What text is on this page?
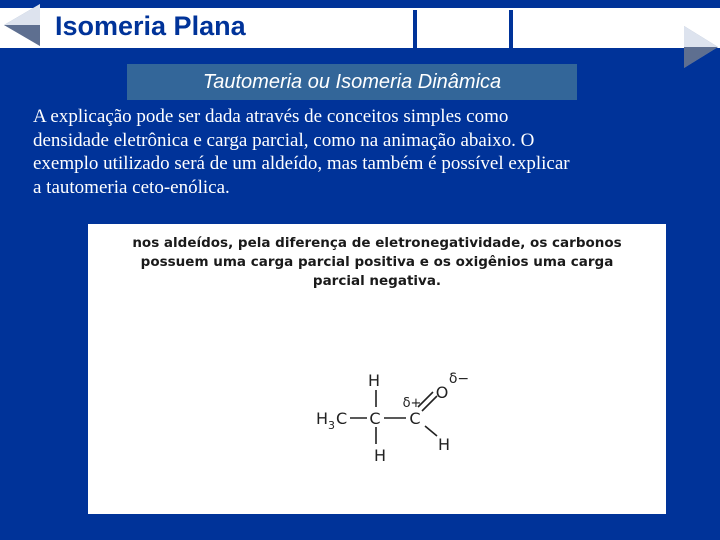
Isomeria Plana
Tautomeria ou Isomeria Dinâmica
A explicação pode ser dada através de conceitos simples como
densidade eletrônica e carga parcial, como na animação abaixo. O
exemplo utilizado será de um aldeído, mas também é possível explicar
a tautomeria ceto-enólica.
nos aldeídos, pela diferença de eletronegatividade, os carbonos
possuem uma carga parcial positiva e os oxigênios uma carga
parcial negativa.
H
H 3 C C
H
C
O
H
δ+
δ−
